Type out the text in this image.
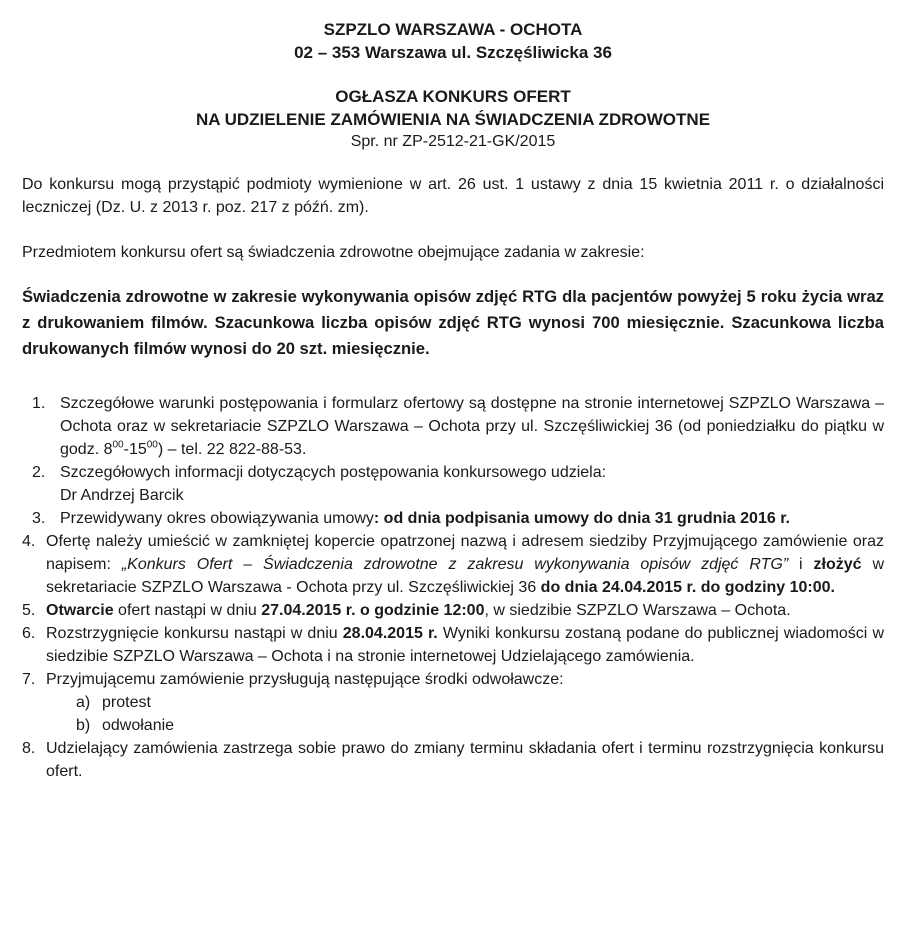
SZPZLO WARSZAWA - OCHOTA
02 – 353 Warszawa ul. Szczęśliwicka 36
OGŁASZA KONKURS OFERT
NA UDZIELENIE ZAMÓWIENIA NA ŚWIADCZENIA ZDROWOTNE
Spr. nr ZP-2512-21-GK/2015

Do konkursu mogą przystąpić podmioty wymienione w art. 26 ust. 1 ustawy z dnia 15 kwietnia 2011 r. o działalności leczniczej (Dz. U. z 2013 r. poz. 217 z późń. zm).

Przedmiotem konkursu ofert są świadczenia zdrowotne obejmujące zadania w zakresie:

Świadczenia zdrowotne w zakresie wykonywania opisów zdjęć RTG dla pacjentów powyżej 5 roku życia wraz z drukowaniem filmów. Szacunkowa liczba opisów zdjęć RTG wynosi 700 miesięcznie. Szacunkowa liczba drukowanych filmów wynosi do 20 szt. miesięcznie.

1. Szczegółowe warunki postępowania i formularz ofertowy są dostępne na stronie internetowej SZPZLO Warszawa – Ochota oraz w sekretariacie SZPZLO Warszawa – Ochota przy ul. Szczęśliwickiej 36 (od poniedziałku do piątku w godz. $8^{00}-15^{00}$) – tel. 22 822-88-53.
2. Szczegółowych informacji dotyczących postępowania konkursowego udziela:
Dr Andrzej Barcik
3. Przewidywany okres obowiązywania umowy: od dnia podpisania umowy do dnia 31 grudnia 2016 r.
4. Ofertę należy umieścić w zamkniętej kopercie opatrzonej nazwą i adresem siedziby Przyjmującego zamówienie oraz napisem: „Konkurs Ofert – Świadczenia zdrowotne z zakresu wykonywania opisów zdjęć RTG” i złożyć w sekretariacie SZPZLO Warszawa - Ochota przy ul. Szczęśliwickiej 36 do dnia 24.04.2015 r. do godziny 10:00.
5. Otwarcie ofert nastąpi w dniu 27.04.2015 r. o godzinie 12:00, w siedzibie SZPZLO Warszawa – Ochota.
6. Rozstrzygnięcie konkursu nastąpi w dniu 28.04.2015 r. Wyniki konkursu zostaną podane do publicznej wiadomości w siedzibie SZPZLO Warszawa – Ochota i na stronie internetowej Udzielającego zamówienia.
7. Przyjmującemu zamówienie przysługują następujące środki odwoławcze:
a) protest
b) odwołanie
8. Udzielający zamówienia zastrzega sobie prawo do zmiany terminu składania ofert i terminu rozstrzygnięcia konkursu ofert.
